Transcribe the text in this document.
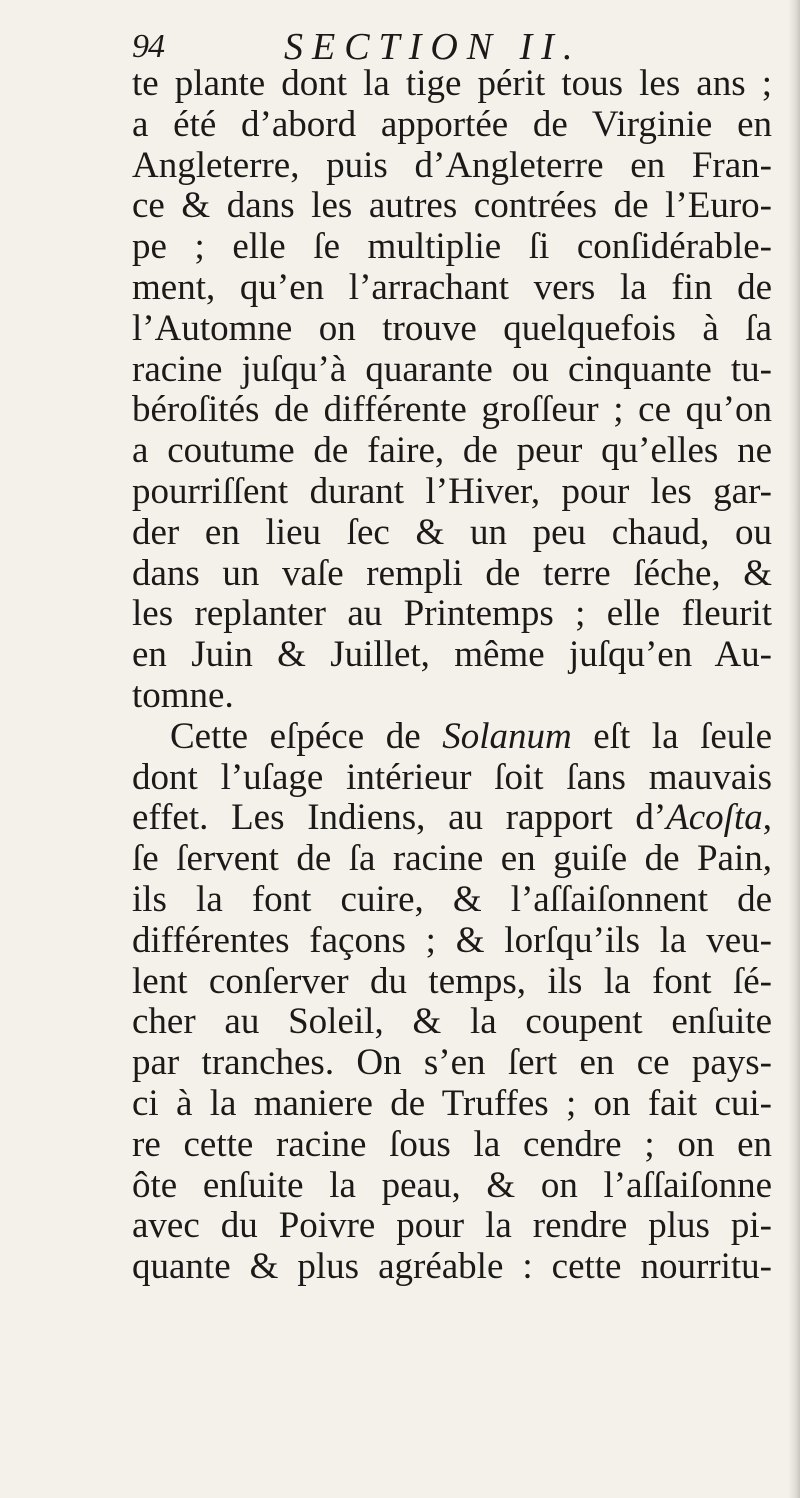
94	SECTION II.
te plante dont la tige périt tous les ans ;
a été d’abord apportée de Virginie en
Angleterre, puis d’Angleterre en Fran-
ce & dans les autres contrées de l’Euro-
pe ; elle ſe multiplie ſi conſidérable-
ment, qu’en l’arrachant vers la fin de
l’Automne on trouve quelquefois à ſa
racine juſqu’à quarante ou cinquante tu-
béroſités de différente groſſeur ; ce qu’on
a coutume de faire, de peur qu’elles ne
pourriſſent durant l’Hiver, pour les gar-
der en lieu ſec & un peu chaud, ou
dans un vaſe rempli de terre ſéche, &
les replanter au Printemps ; elle fleurit
en Juin & Juillet, même juſqu’en Au-
tomne.
Cette eſpéce de Solanum eſt la ſeule
dont l’uſage intérieur ſoit ſans mauvais
effet. Les Indiens, au rapport d’Acoſta,
ſe ſervent de ſa racine en guiſe de Pain,
ils la font cuire, & l’aſſaiſonnent de
différentes façons ; & lorſqu’ils la veu-
lent conſerver du temps, ils la font ſé-
cher au Soleil, & la coupent enſuite
par tranches. On s’en ſert en ce pays-
ci à la maniere de Truffes ; on fait cui-
re cette racine ſous la cendre ; on en
ôte enſuite la peau, & on l’aſſaiſonne
avec du Poivre pour la rendre plus pi-
quante & plus agréable : cette nourritu-
